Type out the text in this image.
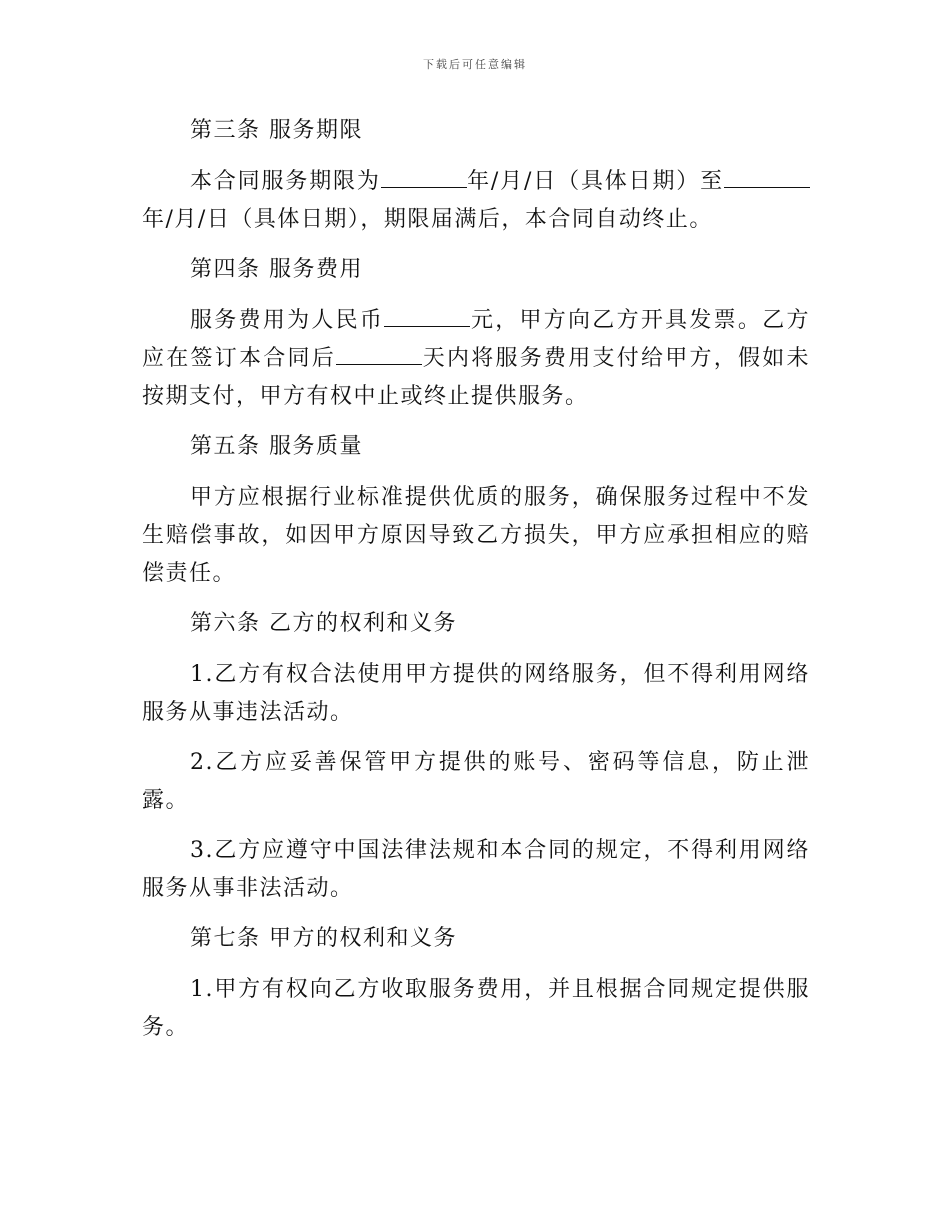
下载后可任意编辑
第三条 服务期限
本合同服务期限为	年/月/日（具体日期）至年/月/日（具体日期），期限届满后，本合同自动终止。
第四条 服务费用
服务费用为人民币	元，甲方向乙方开具发票。乙方应在签订本合同后	天内将服务费用支付给甲方，假如未按期支付，甲方有权中止或终止提供服务。
第五条 服务质量
甲方应根据行业标准提供优质的服务，确保服务过程中不发生赔偿事故，如因甲方原因导致乙方损失，甲方应承担相应的赔偿责任。
第六条 乙方的权利和义务
1.乙方有权合法使用甲方提供的网络服务，但不得利用网络服务从事违法活动。
2.乙方应妥善保管甲方提供的账号、密码等信息，防止泄露。
3.乙方应遵守中国法律法规和本合同的规定，不得利用网络服务从事非法活动。
第七条 甲方的权利和义务
1.甲方有权向乙方收取服务费用，并且根据合同规定提供服务。
